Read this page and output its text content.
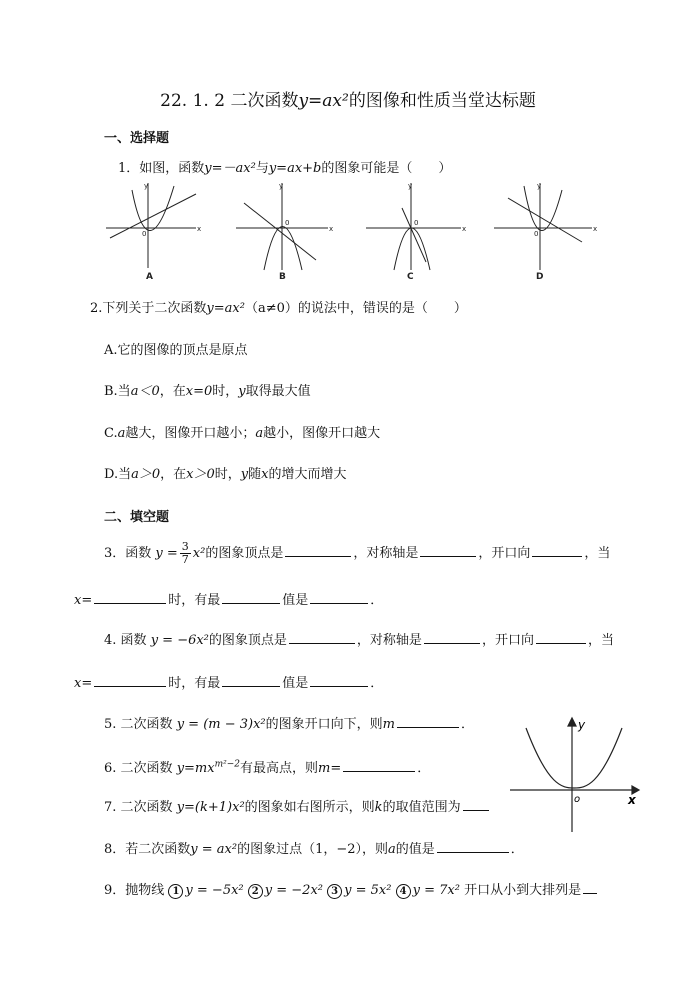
22. 1. 2 二次函数y=ax²的图像和性质当堂达标题
一、选择题
1．如图，函数y=－ax²与y=ax+b的图象可能是（　　）
y
x
0
y
x
0
y
x
0
y
x
0
A	B	C	D
2.下列关于二次函数y=ax²（a≠0）的说法中，错误的是（　　）
A.它的图像的顶点是原点
B.当a＜0，在x=0时，y取得最大值
C.a越大，图像开口越小；a越小，图像开口越大
D.当a＞0，在x＞0时，y随x的增大而增大
二、填空题
3．函数 $y = \frac{3}{7} x^2$的图象顶点是	，对称轴是	，开口向	，当
x=	时，有最	值是	．
4. 函数 y = −6x²的图象顶点是	，对称轴是	，开口向	，当
x=	时，有最	值是	．
5. 二次函数 y = (m − 3)x²的图象开口向下，则m	．
6. 二次函数 $y=mx^{m^2-2}$有最高点，则m=	．
7. 二次函数 y=(k+1)x²的图象如右图所示，则k的取值范围为
y
x
o
8．若二次函数y = ax²的图象过点（1，−2），则a的值是	．
9．抛物线 1 y = −5x² 2 y = −2x² 3 y = 5x² 4 y = 7x² 开口从小到大排列是
